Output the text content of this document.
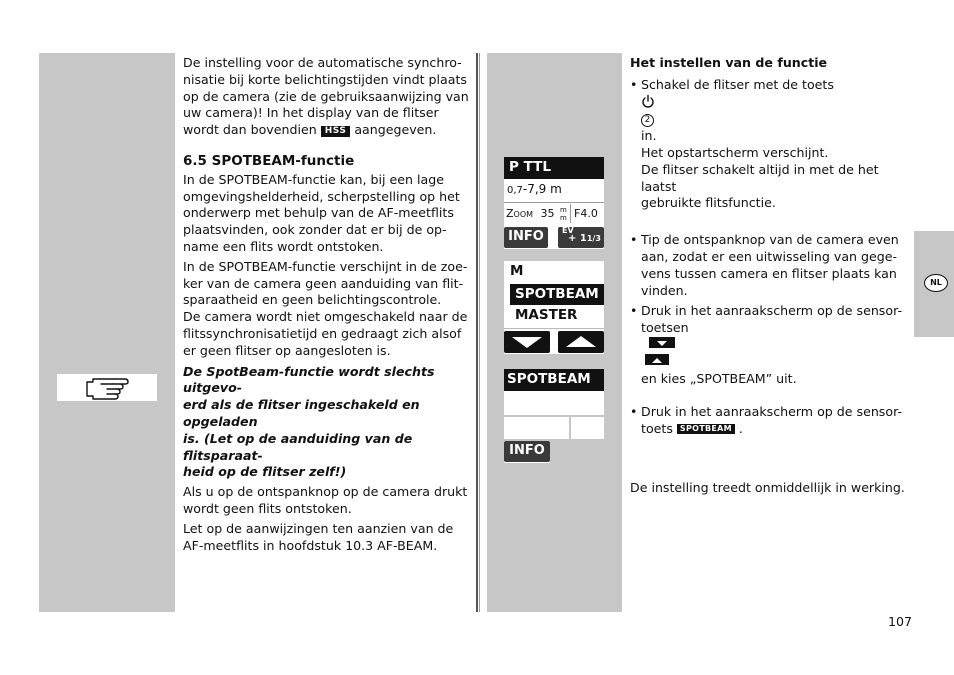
De instelling voor de automatische synchro-
nisatie bij korte belichtingstijden vindt plaats
op de camera (zie de gebruiksaanwijzing van
uw camera)! In het display van de flitser
wordt dan bovendien HSS aangegeven.

6.5 SPOTBEAM-functie

In de SPOTBEAM-functie kan, bij een lage
omgevingshelderheid, scherpstelling op het
onderwerp met behulp van de AF-meetflits
plaatsvinden, ook zonder dat er bij de op-
name een flits wordt ontstoken.

In de SPOTBEAM-functie verschijnt in de zoe-
ker van de camera geen aanduiding van flit-
sparaatheid en geen belichtingscontrole.
De camera wordt niet omgeschakeld naar de
flitssynchronisatietijd en gedraagt zich alsof
er geen flitser op aangesloten is.

De SpotBeam-functie wordt slechts uitgevo-
erd als de flitser ingeschakeld en opgeladen
is. (Let op de aanduiding van de flitsparaat-
heid op de flitser zelf!)

Als u op de ontspanknop op de camera drukt
wordt geen flits ontstoken.

Let op de aanwijzingen ten aanzien van de
AF-meetflits in hoofdstuk 10.3 AF-BEAM.

P TTL
0,7-7,9 m
Zoom 35 m
m F4.0
INFO	EV
+ 11/3
M
SPOTBEAM
MASTER
SPOTBEAM
INFO

Het instellen van de functie

• Schakel de flitser met de toets

2
in.
Het opstartscherm verschijnt.
De flitser schakelt altijd in met de het laatst
gebruikte flitsfunctie.
• Tip de ontspanknop van de camera even
aan, zodat er een uitwisseling van gege-
vens tussen camera en flitser plaats kan
vinden.
• Druk in het aanraakscherm op de sensor-
toetsen

en kies „SPOTBEAM” uit.
• Druk in het aanraakscherm op de sensor-
toets SPOTBEAM .

De instelling treedt onmiddellijk in werking.

NL
107
